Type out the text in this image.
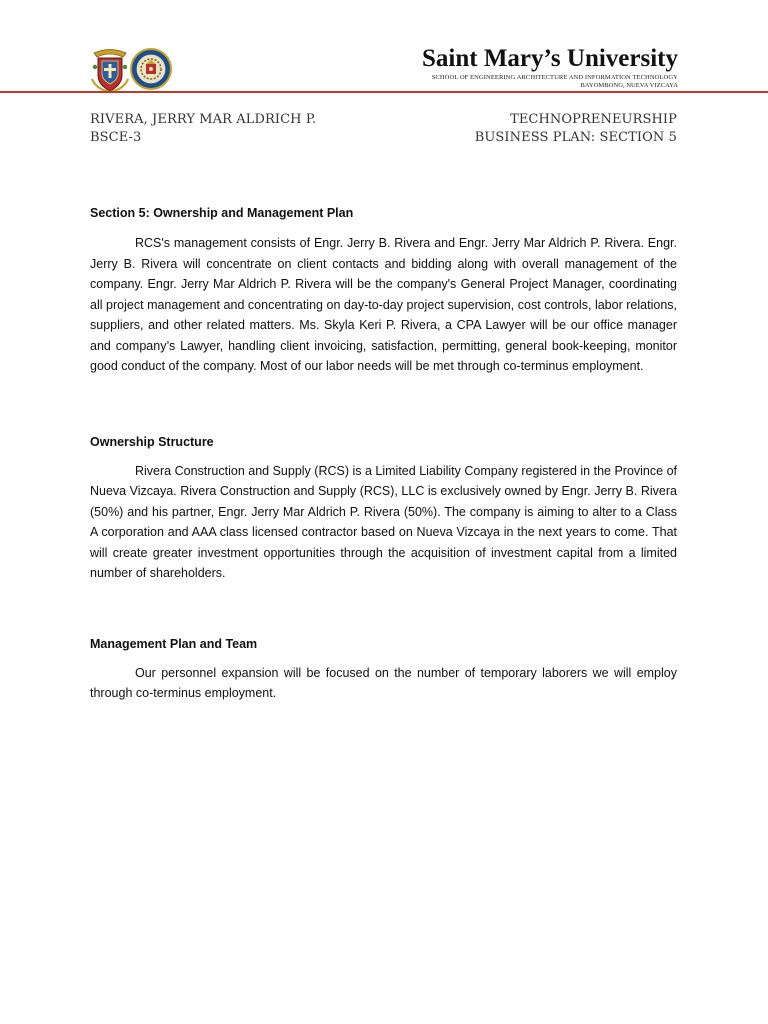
Saint Mary’s University
SCHOOL OF ENGINEERING ARCHITECTURE AND INFORMATION TECHNOLOGY
BAYOMBONG, NUEVA VIZCAYA
RIVERA, JERRY MAR ALDRICH P.
BSCE-3
TECHNOPRENEURSHIP
BUSINESS PLAN: SECTION 5

Section 5: Ownership and Management Plan

RCS's management consists of Engr. Jerry B. Rivera and Engr. Jerry Mar Aldrich P. Rivera. Engr. Jerry B. Rivera will concentrate on client contacts and bidding along with overall management of the company. Engr. Jerry Mar Aldrich P. Rivera will be the company's General Project Manager, coordinating all project management and concentrating on day-to-day project supervision, cost controls, labor relations, suppliers, and other related matters. Ms. Skyla Keri P. Rivera, a CPA Lawyer will be our office manager and company’s Lawyer, handling client invoicing, satisfaction, permitting, general book-keeping, monitor good conduct of the company. Most of our labor needs will be met through co-terminus employment.

Ownership Structure

Rivera Construction and Supply (RCS) is a Limited Liability Company registered in the Province of Nueva Vizcaya. Rivera Construction and Supply (RCS), LLC is exclusively owned by Engr. Jerry B. Rivera (50%) and his partner, Engr. Jerry Mar Aldrich P. Rivera (50%). The company is aiming to alter to a Class A corporation and AAA class licensed contractor based on Nueva Vizcaya in the next years to come. That will create greater investment opportunities through the acquisition of investment capital from a limited number of shareholders.

Management Plan and Team

Our personnel expansion will be focused on the number of temporary laborers we will employ through co-terminus employment.
